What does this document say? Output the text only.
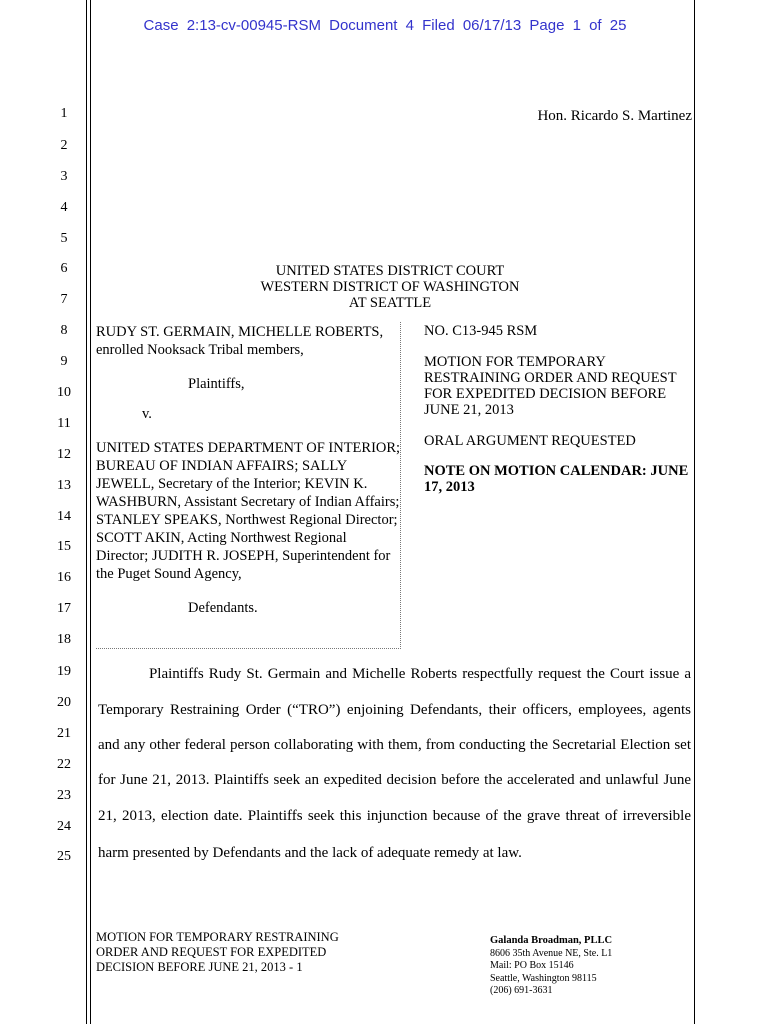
Case 2:13-cv-00945-RSM Document 4 Filed 06/17/13 Page 1 of 25
1
2
3
4
5
6
7
8
9
10
11
12
13
14
15
16
17
18
19
20
21
22
23
24
25
Hon. Ricardo S. Martinez
UNITED STATES DISTRICT COURT
WESTERN DISTRICT OF WASHINGTON
AT SEATTLE

RUDY ST. GERMAIN, MICHELLE ROBERTS, enrolled Nooksack Tribal members,

Plaintiffs,

v.

UNITED STATES DEPARTMENT OF INTERIOR; BUREAU OF INDIAN AFFAIRS; SALLY JEWELL, Secretary of the Interior; KEVIN K. WASHBURN, Assistant Secretary of Indian Affairs; STANLEY SPEAKS, Northwest Regional Director; SCOTT AKIN, Acting Northwest Regional Director; JUDITH R. JOSEPH, Superintendent for the Puget Sound Agency,

Defendants.

NO. C13-945 RSM

MOTION FOR TEMPORARY RESTRAINING ORDER AND REQUEST FOR EXPEDITED DECISION BEFORE JUNE 21, 2013

ORAL ARGUMENT REQUESTED

NOTE ON MOTION CALENDAR: JUNE 17, 2013

Plaintiffs Rudy St. Germain and Michelle Roberts respectfully request the Court issue a
Temporary Restraining Order (“TRO”) enjoining Defendants, their officers, employees, agents
and any other federal person collaborating with them, from conducting the Secretarial Election set
for June 21, 2013. Plaintiffs seek an expedited decision before the accelerated and unlawful June
21, 2013, election date. Plaintiffs seek this injunction because of the grave threat of irreversible
harm presented by Defendants and the lack of adequate remedy at law.
MOTION FOR TEMPORARY RESTRAINING
ORDER AND REQUEST FOR EXPEDITED
DECISION BEFORE JUNE 21, 2013 - 1
Galanda Broadman, PLLC
8606 35th Avenue NE, Ste. L1
Mail: PO Box 15146
Seattle, Washington 98115
(206) 691-3631
